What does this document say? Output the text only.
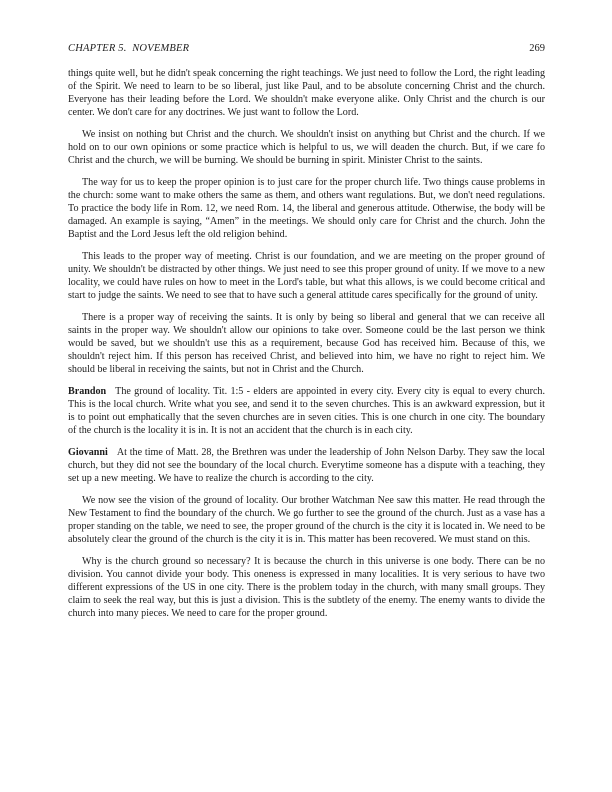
CHAPTER 5.  NOVEMBER	269

things quite well, but he didn't speak concerning the right teachings. We just need to follow the Lord, the right leading of the Spirit. We need to learn to be so liberal, just like Paul, and to be absolute concerning Christ and the church. Everyone has their leading before the Lord. We shouldn't make everyone alike. Only Christ and the church is our center. We don't care for any doctrines. We just want to follow the Lord.

We insist on nothing but Christ and the church. We shouldn't insist on anything but Christ and the church. If we hold on to our own opinions or some practice which is helpful to us, we will deaden the church. But, if we care fo Christ and the church, we will be burning. We should be burning in spirit. Minister Christ to the saints.

The way for us to keep the proper opinion is to just care for the proper church life. Two things cause problems in the church: some want to make others the same as them, and others want regulations. But, we don't need regulations. To practice the body life in Rom. 12, we need Rom. 14, the liberal and generous attitude. Otherwise, the body will be damaged. An example is saying, “Amen” in the meetings. We should only care for Christ and the church. John the Baptist and the Lord Jesus left the old religion behind.

This leads to the proper way of meeting. Christ is our foundation, and we are meeting on the proper ground of unity. We shouldn't be distracted by other things. We just need to see this proper ground of unity. If we move to a new locality, we could have rules on how to meet in the Lord's table, but what this allows, is we could become critical and start to judge the saints. We need to see that to have such a general attitude cares specifically for the ground of unity.

There is a proper way of receiving the saints. It is only by being so liberal and general that we can receive all saints in the proper way. We shouldn't allow our opinions to take over. Someone could be the last person we think would be saved, but we shouldn't use this as a requirement, because God has received him. Because of this, we shouldn't reject him. If this person has received Christ, and believed into him, we have no right to reject him. We should be liberal in receiving the saints, but not in Christ and the Church.

Brandon The ground of locality. Tit. 1:5 - elders are appointed in every city. Every city is equal to every church. This is the local church. Write what you see, and send it to the seven churches. This is an awkward expression, but it is to point out emphatically that the seven churches are in seven cities. This is one church in one city. The boundary of the church is the locality it is in. It is not an accident that the church is in each city.

Giovanni At the time of Matt. 28, the Brethren was under the leadership of John Nelson Darby. They saw the local church, but they did not see the boundary of the local church. Everytime someone has a dispute with a teaching, they set up a new meeting. We have to realize the church is according to the city.

We now see the vision of the ground of locality. Our brother Watchman Nee saw this matter. He read through the New Testament to find the boundary of the church. We go further to see the ground of the church. Just as a vase has a proper standing on the table, we need to see, the proper ground of the church is the city it is located in. We need to be absolutely clear the ground of the church is the city it is in. This matter has been recovered. We must stand on this.

Why is the church ground so necessary? It is because the church in this universe is one body. There can be no division. You cannot divide your body. This oneness is expressed in many localities. It is very serious to have two different expressions of the US in one city. There is the problem today in the church, with many small groups. They claim to seek the real way, but this is just a division. This is the subtlety of the enemy. The enemy wants to divide the church into many pieces. We need to care for the proper ground.
